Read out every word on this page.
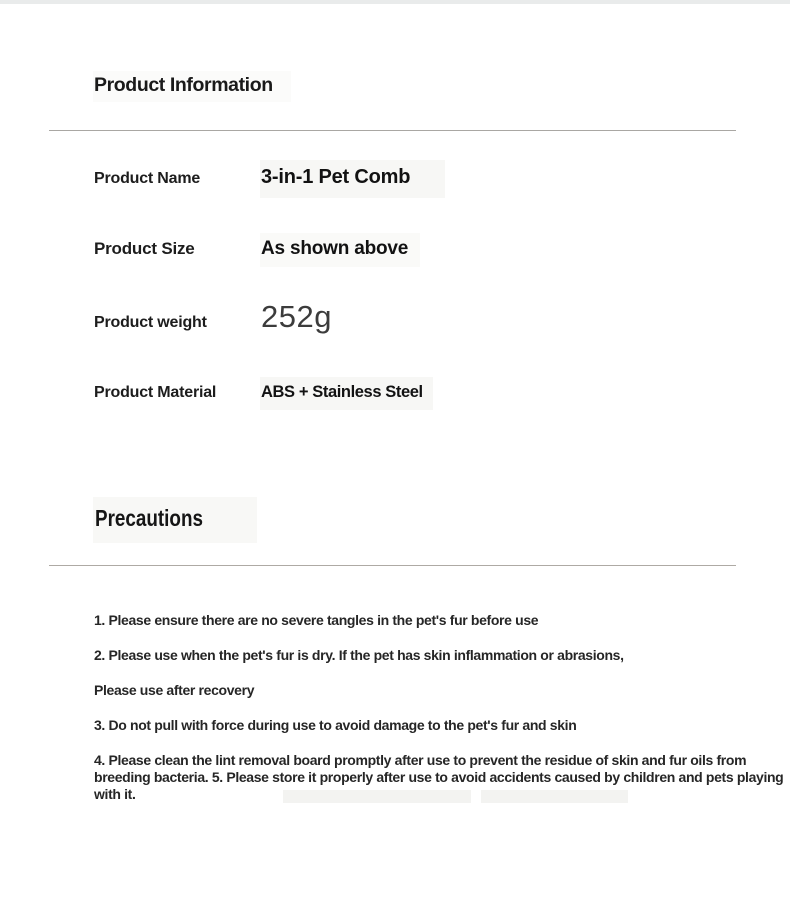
Product Information
Product Name	3-in-1 Pet Comb
Product Size	As shown above
Product weight	252g
Product Material	ABS + Stainless Steel
Precautions

1. Please ensure there are no severe tangles in the pet's fur before use

2. Please use when the pet's fur is dry. If the pet has skin inflammation or abrasions,

Please use after recovery

3. Do not pull with force during use to avoid damage to the pet's fur and skin

4. Please clean the lint removal board promptly after use to prevent the residue of skin and fur oils from breeding bacteria. 5. Please store it properly after use to avoid accidents caused by children and pets playing with it.
